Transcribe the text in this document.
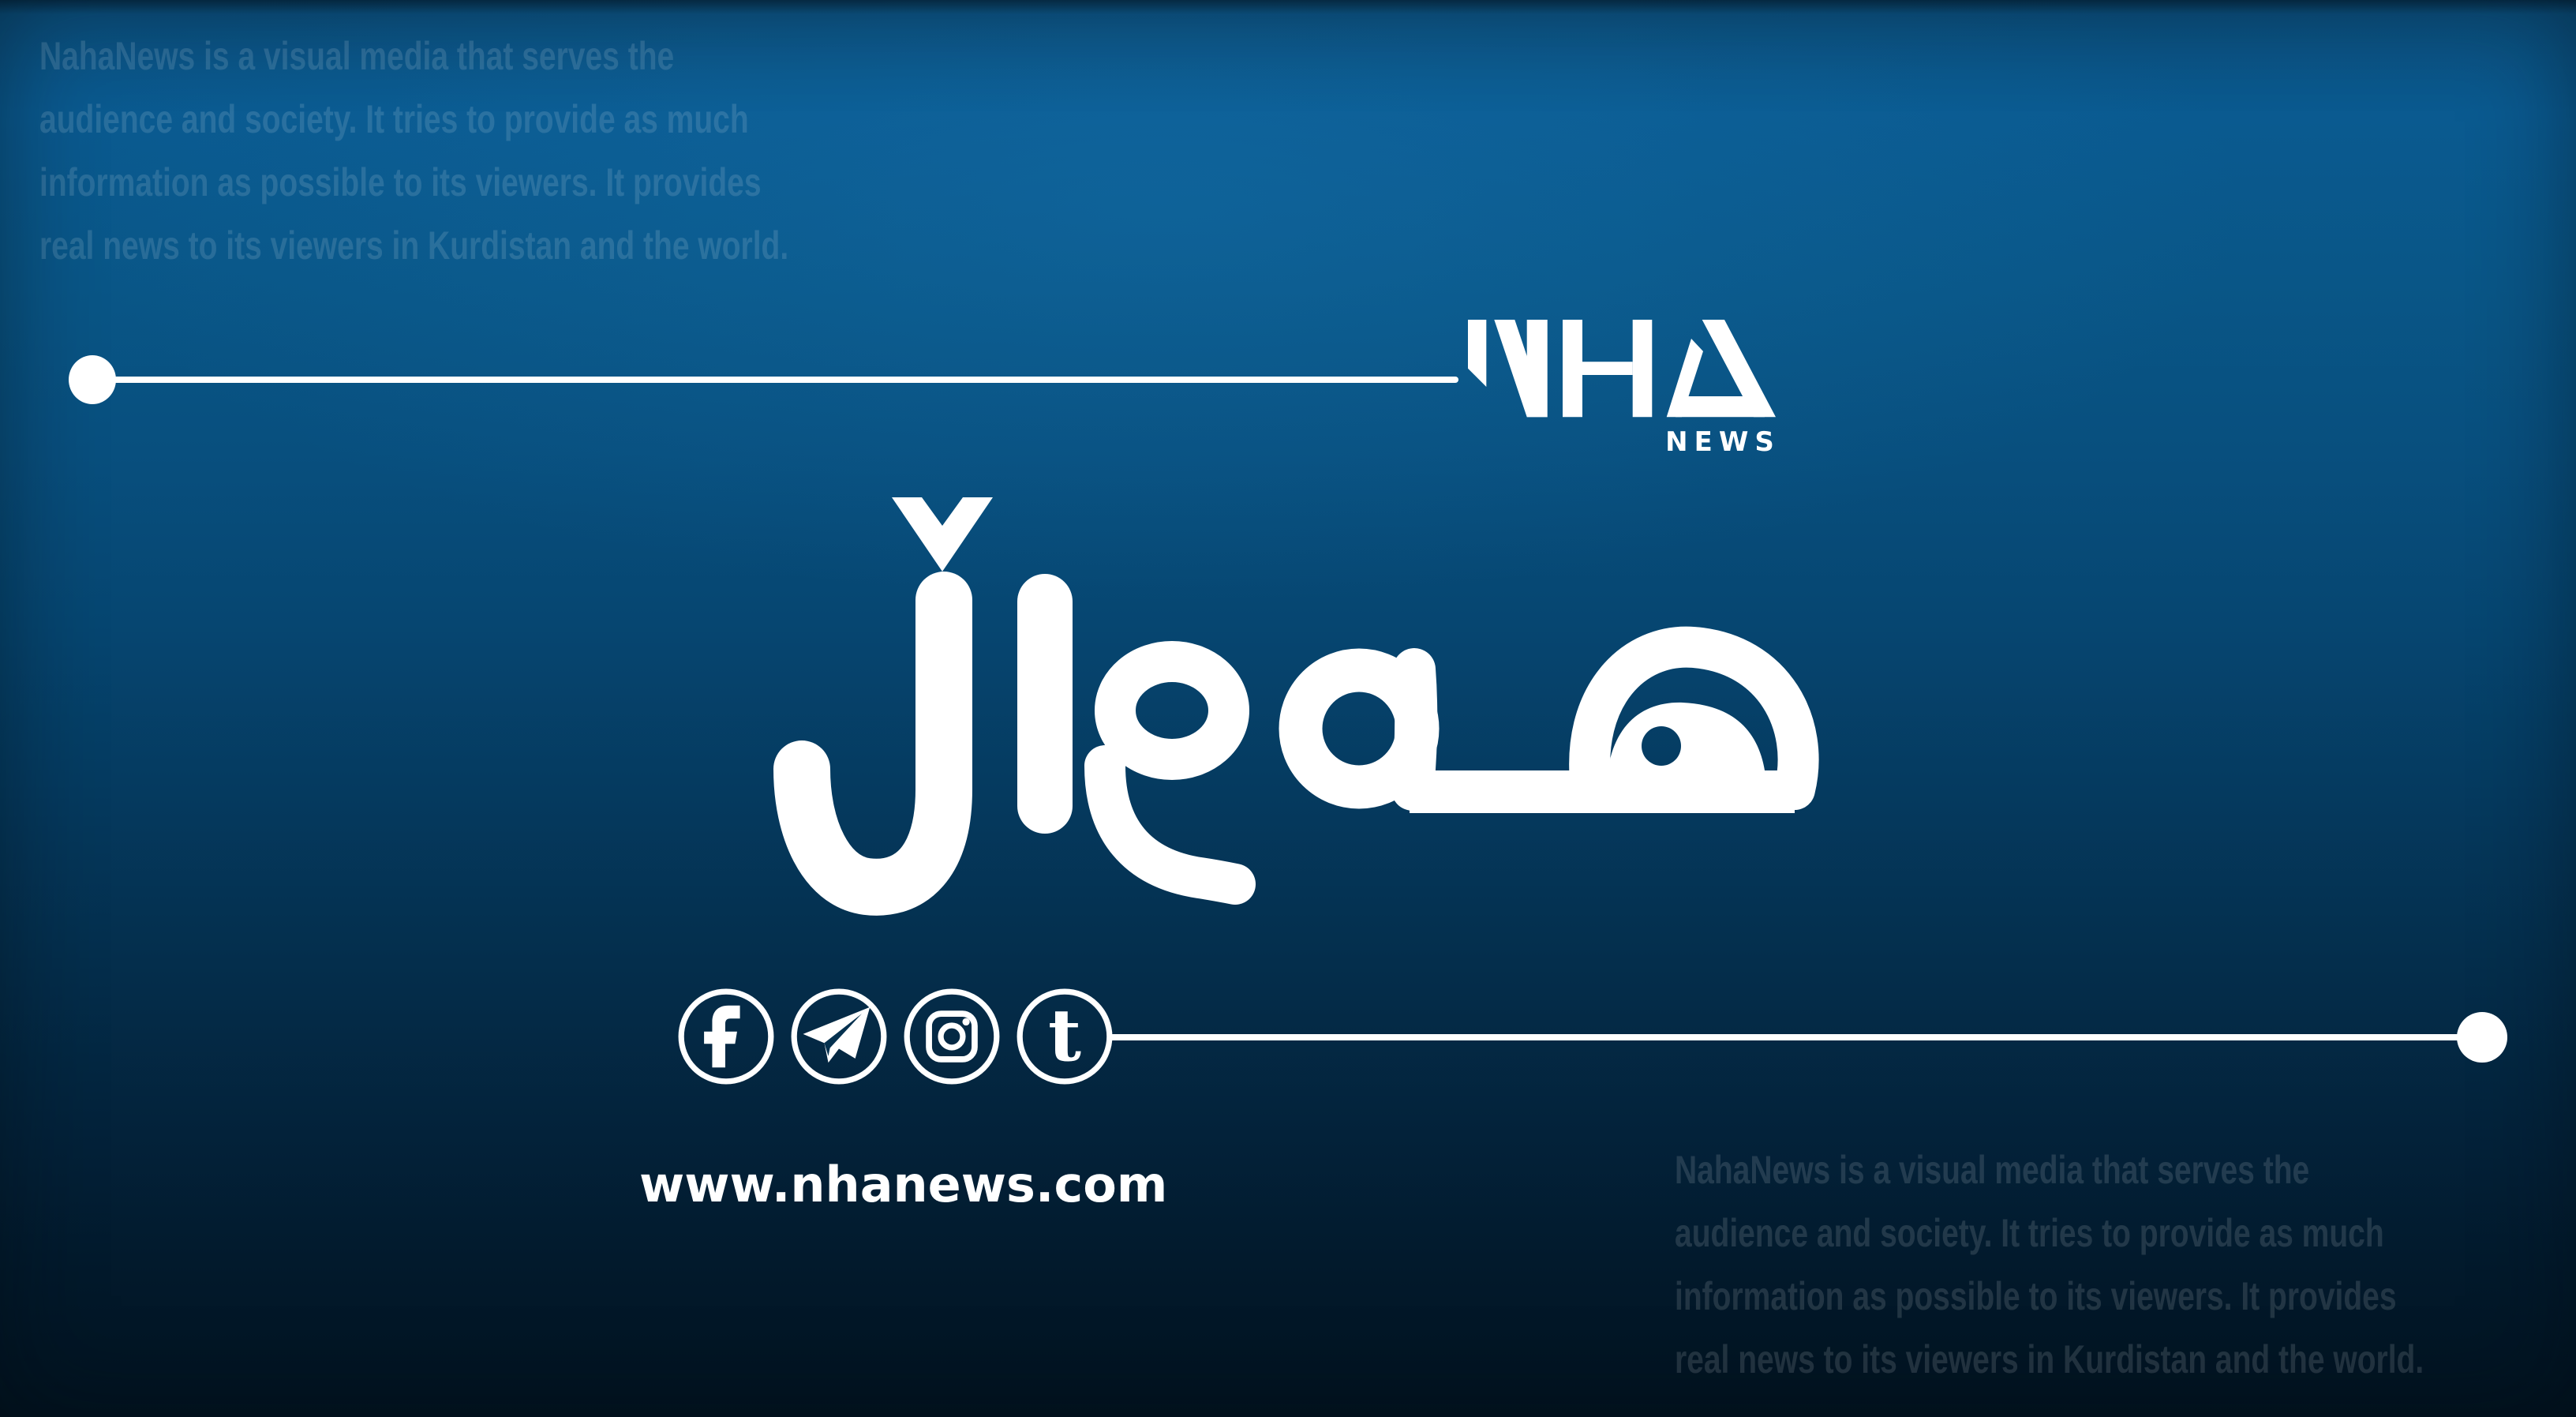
NahaNews is a visual media that serves the
audience and society. It tries to provide as much
information as possible to its viewers. It provides
real news to its viewers in Kurdistan and the world.
NEWS
t
www.nhanews.com	NahaNews is a visual media that serves the
audience and society. It tries to provide as much
information as possible to its viewers. It provides
real news to its viewers in Kurdistan and the world.
